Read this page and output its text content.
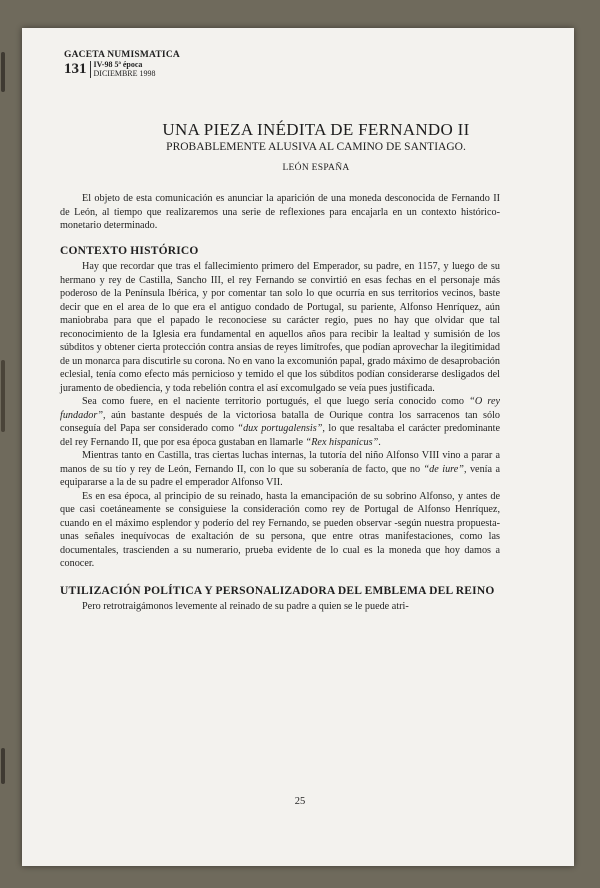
GACETA NUMISMATICA
131 IV-98 5ª época
DICIEMBRE 1998
UNA PIEZA INÉDITA DE FERNANDO II
PROBABLEMENTE ALUSIVA AL CAMINO DE SANTIAGO.
LEÓN ESPAÑA

El objeto de esta comunicación es anunciar la aparición de una moneda desconocida de Fernando II de León, al tiempo que realizaremos una serie de reflexiones para encajarla en un contexto histórico-monetario determinado.

CONTEXTO HISTÓRICO

Hay que recordar que tras el fallecimiento primero del Emperador, su padre, en 1157, y luego de su hermano y rey de Castilla, Sancho III, el rey Fernando se convirtió en esas fechas en el personaje más poderoso de la Península Ibérica, y por comentar tan solo lo que ocurría en sus territorios vecinos, baste decir que en el area de lo que era el antiguo condado de Portugal, su pariente, Alfonso Henríquez, aún maniobraba para que el papado le reconociese su carácter regio, pues no hay que olvidar que tal reconocimiento de la Iglesia era fundamental en aquellos años para recibir la lealtad y sumisión de los súbditos y obtener cierta protección contra ansias de reyes limítrofes, que podían aprovechar la ilegitimidad de un monarca para discutirle su corona. No en vano la excomunión papal, grado máximo de desaprobación eclesial, tenía como efecto más pernicioso y temido el que los súbditos podían considerarse desligados del juramento de obediencia, y toda rebelión contra el así excomulgado se veía pues justificada.

Sea como fuere, en el naciente territorio portugués, el que luego sería conocido como “O rey fundador”, aún bastante después de la victoriosa batalla de Ourique contra los sarracenos tan sólo conseguía del Papa ser considerado como “dux portugalensis”, lo que resaltaba el carácter predominante del rey Fernando II, que por esa época gustaban en llamarle “Rex hispanicus”.

Mientras tanto en Castilla, tras ciertas luchas internas, la tutoría del niño Alfonso VIII vino a parar a manos de su tío y rey de León, Fernando II, con lo que su soberanía de facto, que no “de iure”, venía a equipararse a la de su padre el emperador Alfonso VII.

Es en esa época, al principio de su reinado, hasta la emancipación de su sobrino Alfonso, y antes de que casi coetáneamente se consiguiese la consideración como rey de Portugal de Alfonso Henríquez, cuando en el máximo esplendor y poderío del rey Fernando, se pueden observar -según nuestra propuesta- unas señales inequívocas de exaltación de su persona, que entre otras manifestaciones, como las documentales, trascienden a su numerario, prueba evidente de lo cual es la moneda que hoy damos a conocer.

UTILIZACIÓN POLÍTICA Y PERSONALIZADORA DEL EMBLEMA DEL REINO

Pero retrotraigámonos levemente al reinado de su padre a quien se le puede atri-

25
